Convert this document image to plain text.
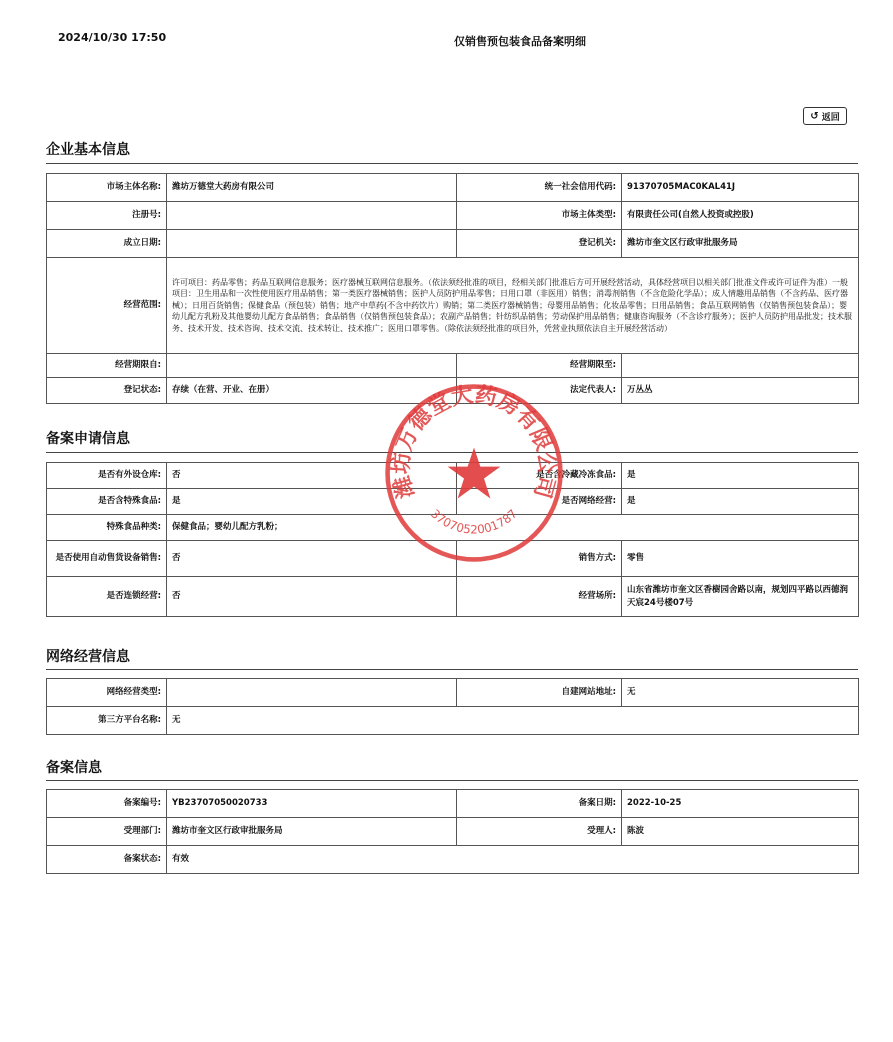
2024/10/30 17:50	仅销售预包装食品备案明细
↺ 返回
企业基本信息
市场主体名称:	潍坊万德堂大药房有限公司	统一社会信用代码:	91370705MAC0KAL41J
注册号:		市场主体类型:	有限责任公司(自然人投资或控股)
成立日期:		登记机关:	潍坊市奎文区行政审批服务局
经营范围:	许可项目：药品零售；药品互联网信息服务；医疗器械互联网信息服务。（依法须经批准的项目，经相关部门批准后方可开展经营活动，具体经营项目以相关部门批准文件或许可证件为准）一般项目：卫生用品和一次性使用医疗用品销售；第一类医疗器械销售；医护人员防护用品零售；日用口罩（非医用）销售；消毒剂销售（不含危险化学品）；成人情趣用品销售（不含药品、医疗器械）；日用百货销售；保健食品（预包装）销售；地产中草药(不含中药饮片）购销；第二类医疗器械销售；母婴用品销售；化妆品零售；日用品销售；食品互联网销售（仅销售预包装食品）；婴幼儿配方乳粉及其他婴幼儿配方食品销售；食品销售（仅销售预包装食品）；农副产品销售；针纺织品销售；劳动保护用品销售；健康咨询服务（不含诊疗服务）；医护人员防护用品批发；技术服务、技术开发、技术咨询、技术交流、技术转让、技术推广；医用口罩零售。（除依法须经批准的项目外，凭营业执照依法自主开展经营活动）		
经营期限自:		经营期限至:	
登记状态:	存续（在营、开业、在册）	法定代表人:	万丛丛
备案申请信息
是否有外设仓库:	否	是否含冷藏冷冻食品:	是
是否含特殊食品:	是	是否网络经营:	是
特殊食品种类:	保健食品；婴幼儿配方乳粉；		
是否使用自动售货设备销售:	否	销售方式:	零售
是否连锁经营:	否	经营场所:	山东省潍坊市奎文区香樹园舍路以南，规划四平路以西德润天宸24号楼07号
网络经营信息
网络经营类型:		自建网站地址:	无
第三方平台名称:	无		
备案信息
备案编号:	YB23707050020733	备案日期:	2022-10-25
受理部门:	潍坊市奎文区行政审批服务局	受理人:	陈波
备案状态:	有效		
潍坊万德堂大药房有限公司
3707052001787
